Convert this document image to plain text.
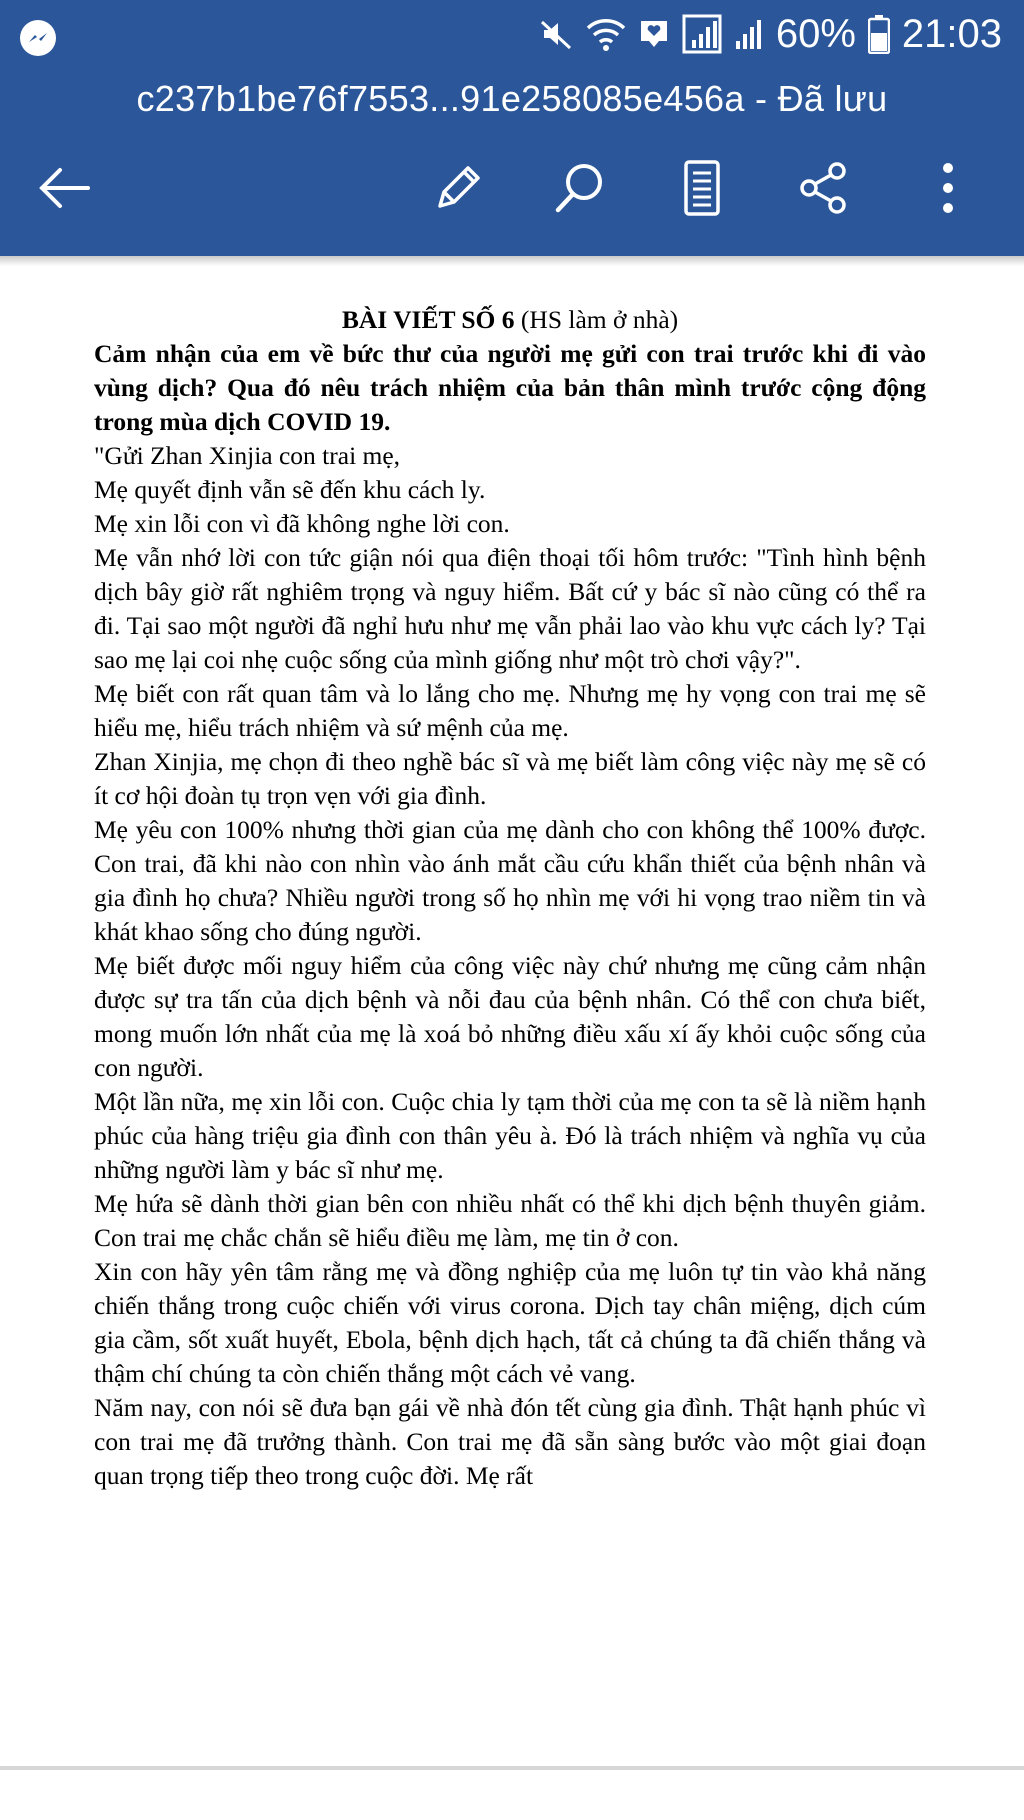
60% 21:03
c237b1be76f7553...91e258085e456a - Đã lưu

BÀI VIẾT SỐ 6 (HS làm ở nhà)

Cảm nhận của em về bức thư của người mẹ gửi con trai trước khi đi vào vùng dịch? Qua đó nêu trách nhiệm của bản thân mình trước cộng động trong mùa dịch COVID 19.

"Gửi Zhan Xinjia con trai mẹ,

Mẹ quyết định vẫn sẽ đến khu cách ly.

Mẹ xin lỗi con vì đã không nghe lời con.

Mẹ vẫn nhớ lời con tức giận nói qua điện thoại tối hôm trước: "Tình hình bệnh dịch bây giờ rất nghiêm trọng và nguy hiểm. Bất cứ y bác sĩ nào cũng có thể ra đi. Tại sao một người đã nghỉ hưu như mẹ vẫn phải lao vào khu vực cách ly? Tại sao mẹ lại coi nhẹ cuộc sống của mình giống như một trò chơi vậy?".

Mẹ biết con rất quan tâm và lo lắng cho mẹ. Nhưng mẹ hy vọng con trai mẹ sẽ hiểu mẹ, hiểu trách nhiệm và sứ mệnh của mẹ.

Zhan Xinjia, mẹ chọn đi theo nghề bác sĩ và mẹ biết làm công việc này mẹ sẽ có ít cơ hội đoàn tụ trọn vẹn với gia đình.

Mẹ yêu con 100% nhưng thời gian của mẹ dành cho con không thể 100% được. Con trai, đã khi nào con nhìn vào ánh mắt cầu cứu khẩn thiết của bệnh nhân và gia đình họ chưa? Nhiều người trong số họ nhìn mẹ với hi vọng trao niềm tin và khát khao sống cho đúng người.

Mẹ biết được mối nguy hiểm của công việc này chứ nhưng mẹ cũng cảm nhận được sự tra tấn của dịch bệnh và nỗi đau của bệnh nhân. Có thể con chưa biết, mong muốn lớn nhất của mẹ là xoá bỏ những điều xấu xí ấy khỏi cuộc sống của con người.

Một lần nữa, mẹ xin lỗi con. Cuộc chia ly tạm thời của mẹ con ta sẽ là niềm hạnh phúc của hàng triệu gia đình con thân yêu à. Đó là trách nhiệm và nghĩa vụ của những người làm y bác sĩ như mẹ.

Mẹ hứa sẽ dành thời gian bên con nhiều nhất có thể khi dịch bệnh thuyên giảm. Con trai mẹ chắc chắn sẽ hiểu điều mẹ làm, mẹ tin ở con.

Xin con hãy yên tâm rằng mẹ và đồng nghiệp của mẹ luôn tự tin vào khả năng chiến thắng trong cuộc chiến với virus corona. Dịch tay chân miệng, dịch cúm gia cầm, sốt xuất huyết, Ebola, bệnh dịch hạch, tất cả chúng ta đã chiến thắng và thậm chí chúng ta còn chiến thắng một cách vẻ vang.

Năm nay, con nói sẽ đưa bạn gái về nhà đón tết cùng gia đình. Thật hạnh phúc vì con trai mẹ đã trưởng thành. Con trai mẹ đã sẵn sàng bước vào một giai đoạn quan trọng tiếp theo trong cuộc đời. Mẹ rất
